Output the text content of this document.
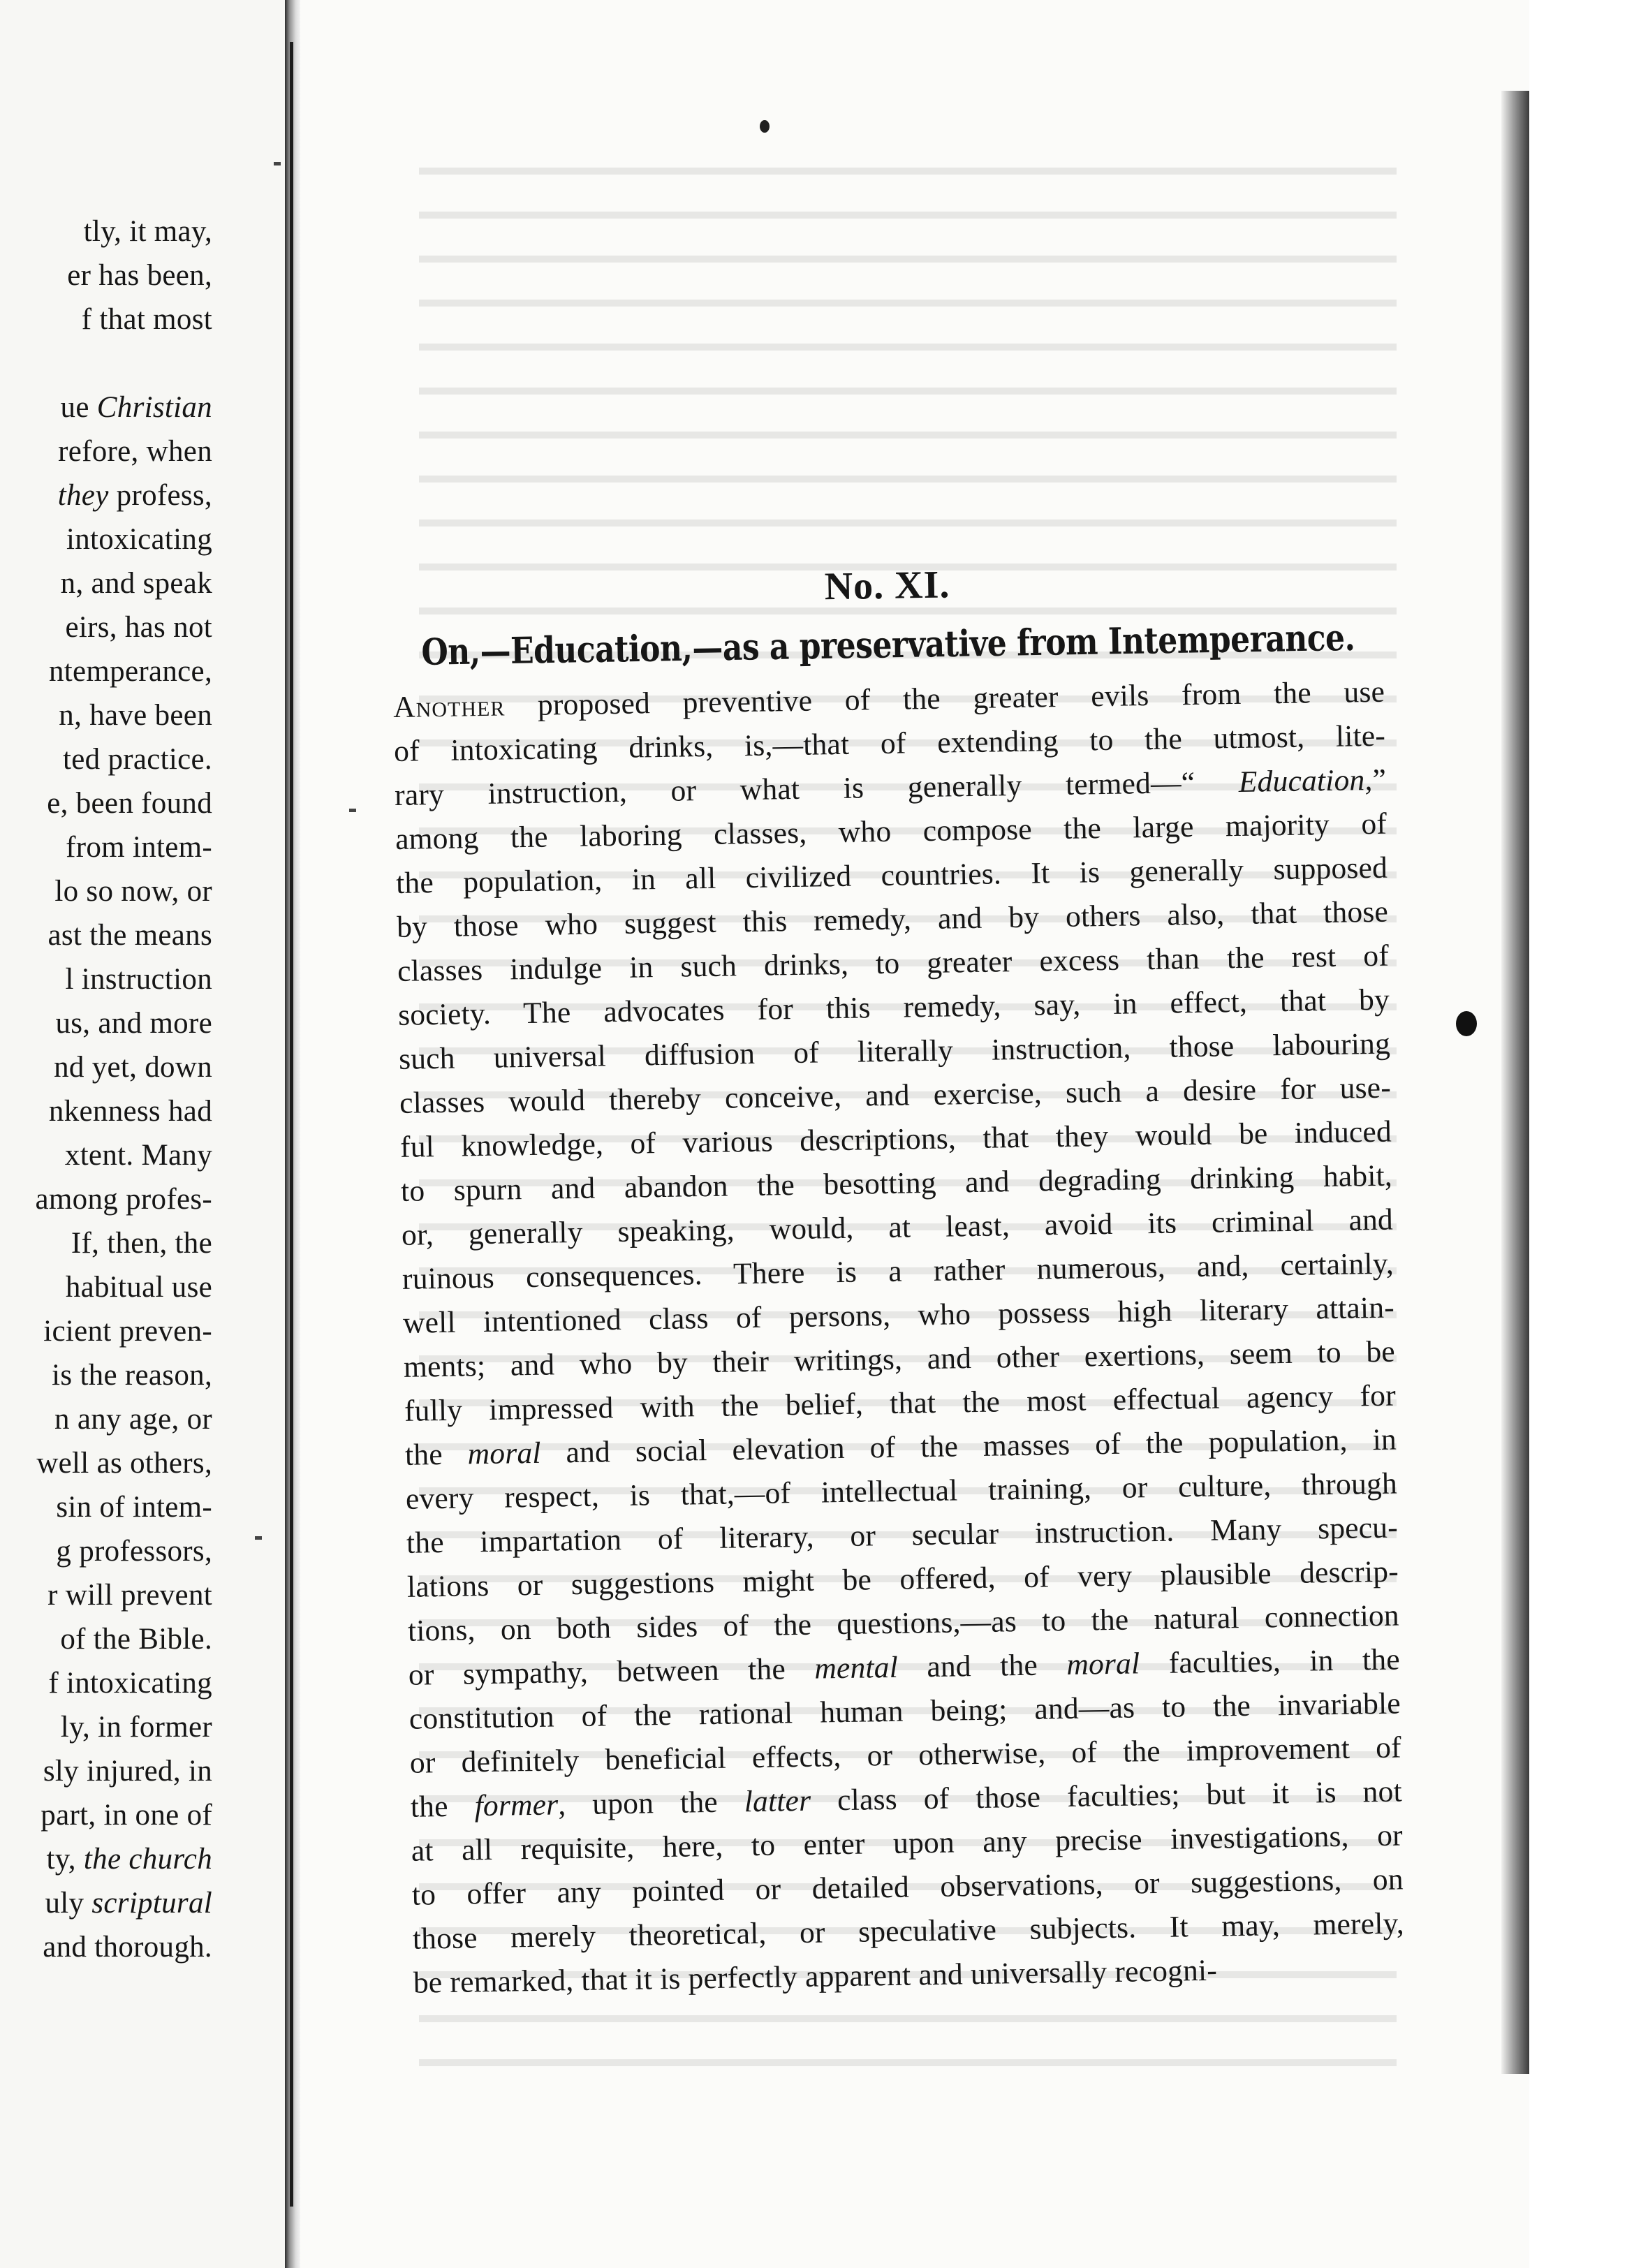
tly, it may,
er has been,
f that most

ue Christian
refore, when
they profess,
intoxicating
n, and speak
eirs, has not
ntemperance,
n, have been
ted practice.
e, been found
from intem-
lo so now, or
ast the means
l instruction
us, and more
nd yet, down
nkenness had
xtent. Many
among profes-
If, then, the
habitual use
icient preven-
is the reason,
n any age, or
well as others,
sin of intem-
g professors,
r will prevent
of the Bible.
f intoxicating
ly, in former
sly injured, in
part, in one of
ty, the church
uly scriptural
and thorough.
No. XI.
On,—Education,—as a preservative from Intemperance.
Another proposed preventive of the greater evils from the use
of intoxicating drinks, is,—that of extending to the utmost, lite-
rary instruction, or what is generally termed—“ Education,”
among the laboring classes, who compose the large majority of
the population, in all civilized countries. It is generally supposed
by those who suggest this remedy, and by others also, that those
classes indulge in such drinks, to greater excess than the rest of
society. The advocates for this remedy, say, in effect, that by
such universal diffusion of literally instruction, those labouring
classes would thereby conceive, and exercise, such a desire for use-
ful knowledge, of various descriptions, that they would be induced
to spurn and abandon the besotting and degrading drinking habit,
or, generally speaking, would, at least, avoid its criminal and
ruinous consequences. There is a rather numerous, and, certainly,
well intentioned class of persons, who possess high literary attain-
ments; and who by their writings, and other exertions, seem to be
fully impressed with the belief, that the most effectual agency for
the moral and social elevation of the masses of the population, in
every respect, is that,—of intellectual training, or culture, through
the impartation of literary, or secular instruction. Many specu-
lations or suggestions might be offered, of very plausible descrip-
tions, on both sides of the questions,—as to the natural connection
or sympathy, between the mental and the moral faculties, in the
constitution of the rational human being; and—as to the invariable
or definitely beneficial effects, or otherwise, of the improvement of
the former, upon the latter class of those faculties; but it is not
at all requisite, here, to enter upon any precise investigations, or
to offer any pointed or detailed observations, or suggestions, on
those merely theoretical, or speculative subjects. It may, merely,
be remarked, that it is perfectly apparent and universally recogni-
